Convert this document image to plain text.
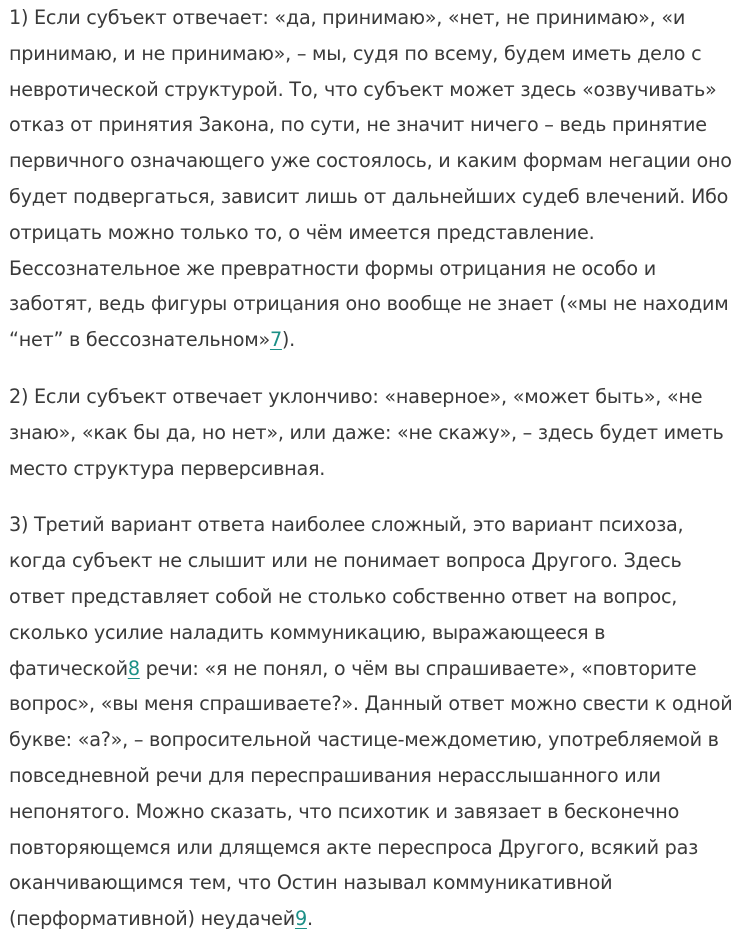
1) Если субъект отвечает: «да, принимаю», «нет, не принимаю», «и принимаю, и не принимаю», – мы, судя по всему, будем иметь дело с невротической структурой. То, что субъект может здесь «озвучивать» отказ от принятия Закона, по сути, не значит ничего – ведь принятие первичного означающего уже состоялось, и каким формам негации оно будет подвергаться, зависит лишь от дальнейших судеб влечений. Ибо отрицать можно только то, о чём имеется представление. Бессознательное же превратности формы отрицания не особо и заботят, ведь фигуры отрицания оно вообще не знает («мы не находим “нет” в бессознательном»7).

2) Если субъект отвечает уклончиво: «наверное», «может быть», «не знаю», «как бы да, но нет», или даже: «не скажу», – здесь будет иметь место структура перверсивная.

3) Третий вариант ответа наиболее сложный, это вариант психоза, когда субъект не слышит или не понимает вопроса Другого. Здесь ответ представляет собой не столько собственно ответ на вопрос, сколько усилие наладить коммуникацию, выражающееся в фатической8 речи: «я не понял, о чём вы спрашиваете», «повторите вопрос», «вы меня спрашиваете?». Данный ответ можно свести к одной букве: «а?», – вопросительной частице-междометию, употребляемой в повседневной речи для переспрашивания нерасслышанного или непонятого. Можно сказать, что психотик и завязает в бесконечно повторяющемся или длящемся акте переспроса Другого, всякий раз оканчивающимся тем, что Остин называл коммуникативной (перформативной) неудачей9.
